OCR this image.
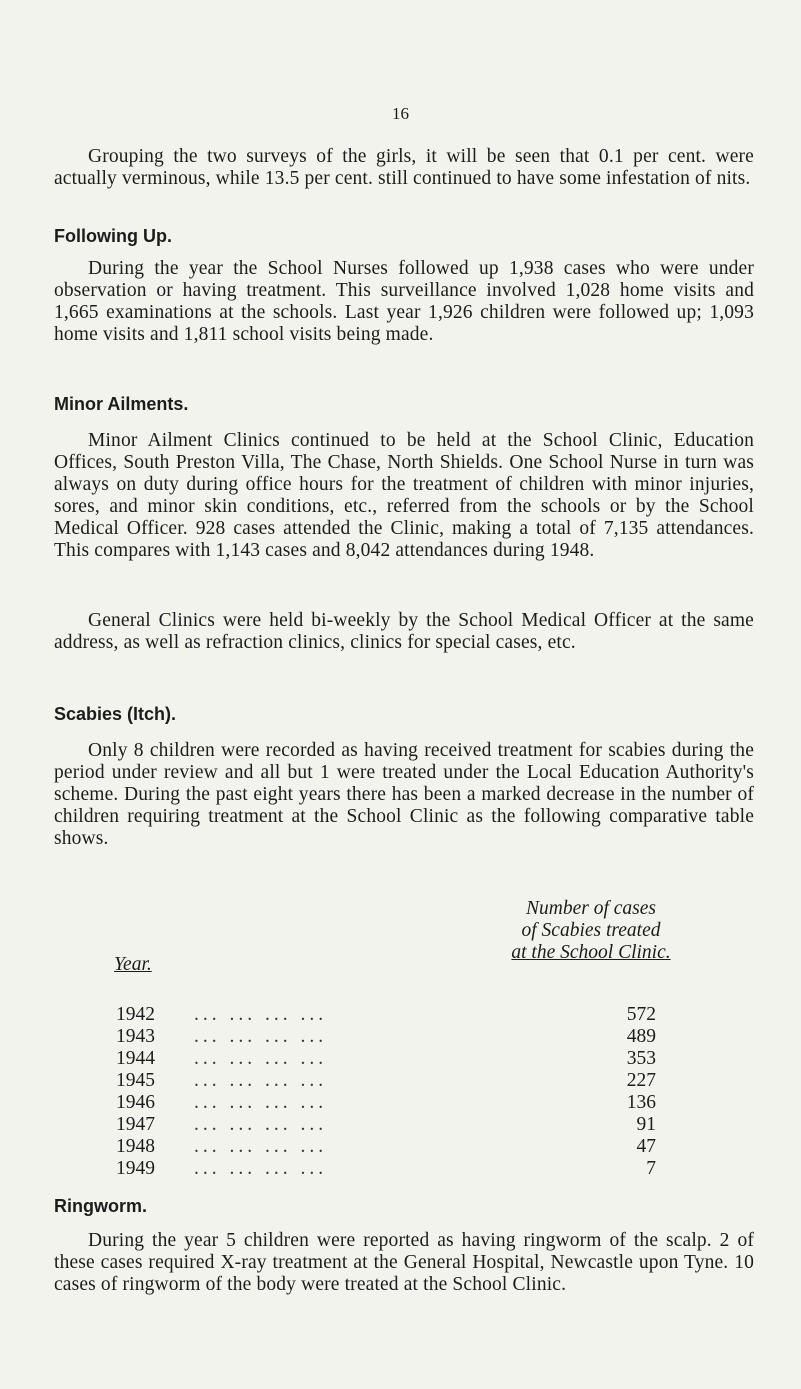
16

Grouping the two surveys of the girls, it will be seen that 0.1 per cent. were actually verminous, while 13.5 per cent. still continued to have some infestation of nits.

Following Up.

During the year the School Nurses followed up 1,938 cases who were under observation or having treatment. This surveillance involved 1,028 home visits and 1,665 examinations at the schools. Last year 1,926 children were followed up; 1,093 home visits and 1,811 school visits being made.

Minor Ailments.

Minor Ailment Clinics continued to be held at the School Clinic, Education Offices, South Preston Villa, The Chase, North Shields. One School Nurse in turn was always on duty during office hours for the treatment of children with minor injuries, sores, and minor skin conditions, etc., referred from the schools or by the School Medical Officer. 928 cases attended the Clinic, making a total of 7,135 attendances. This compares with 1,143 cases and 8,042 attendances during 1948.

General Clinics were held bi-weekly by the School Medical Officer at the same address, as well as refraction clinics, clinics for special cases, etc.

Scabies (Itch).

Only 8 children were recorded as having received treatment for scabies during the period under review and all but 1 were treated under the Local Education Authority's scheme. During the past eight years there has been a marked decrease in the number of children requiring treatment at the School Clinic as the following comparative table shows.

Year.
Number of cases
of Scabies treated
at the School Clinic.
1942 ... ... ... ...	572
1943 ... ... ... ...	489
1944 ... ... ... ...	353
1945 ... ... ... ...	227
1946 ... ... ... ...	136
1947 ... ... ... ...	91
1948 ... ... ... ...	47
1949 ... ... ... ...	7
Ringworm.

During the year 5 children were reported as having ringworm of the scalp. 2 of these cases required X-ray treatment at the General Hospital, Newcastle upon Tyne. 10 cases of ringworm of the body were treated at the School Clinic.
